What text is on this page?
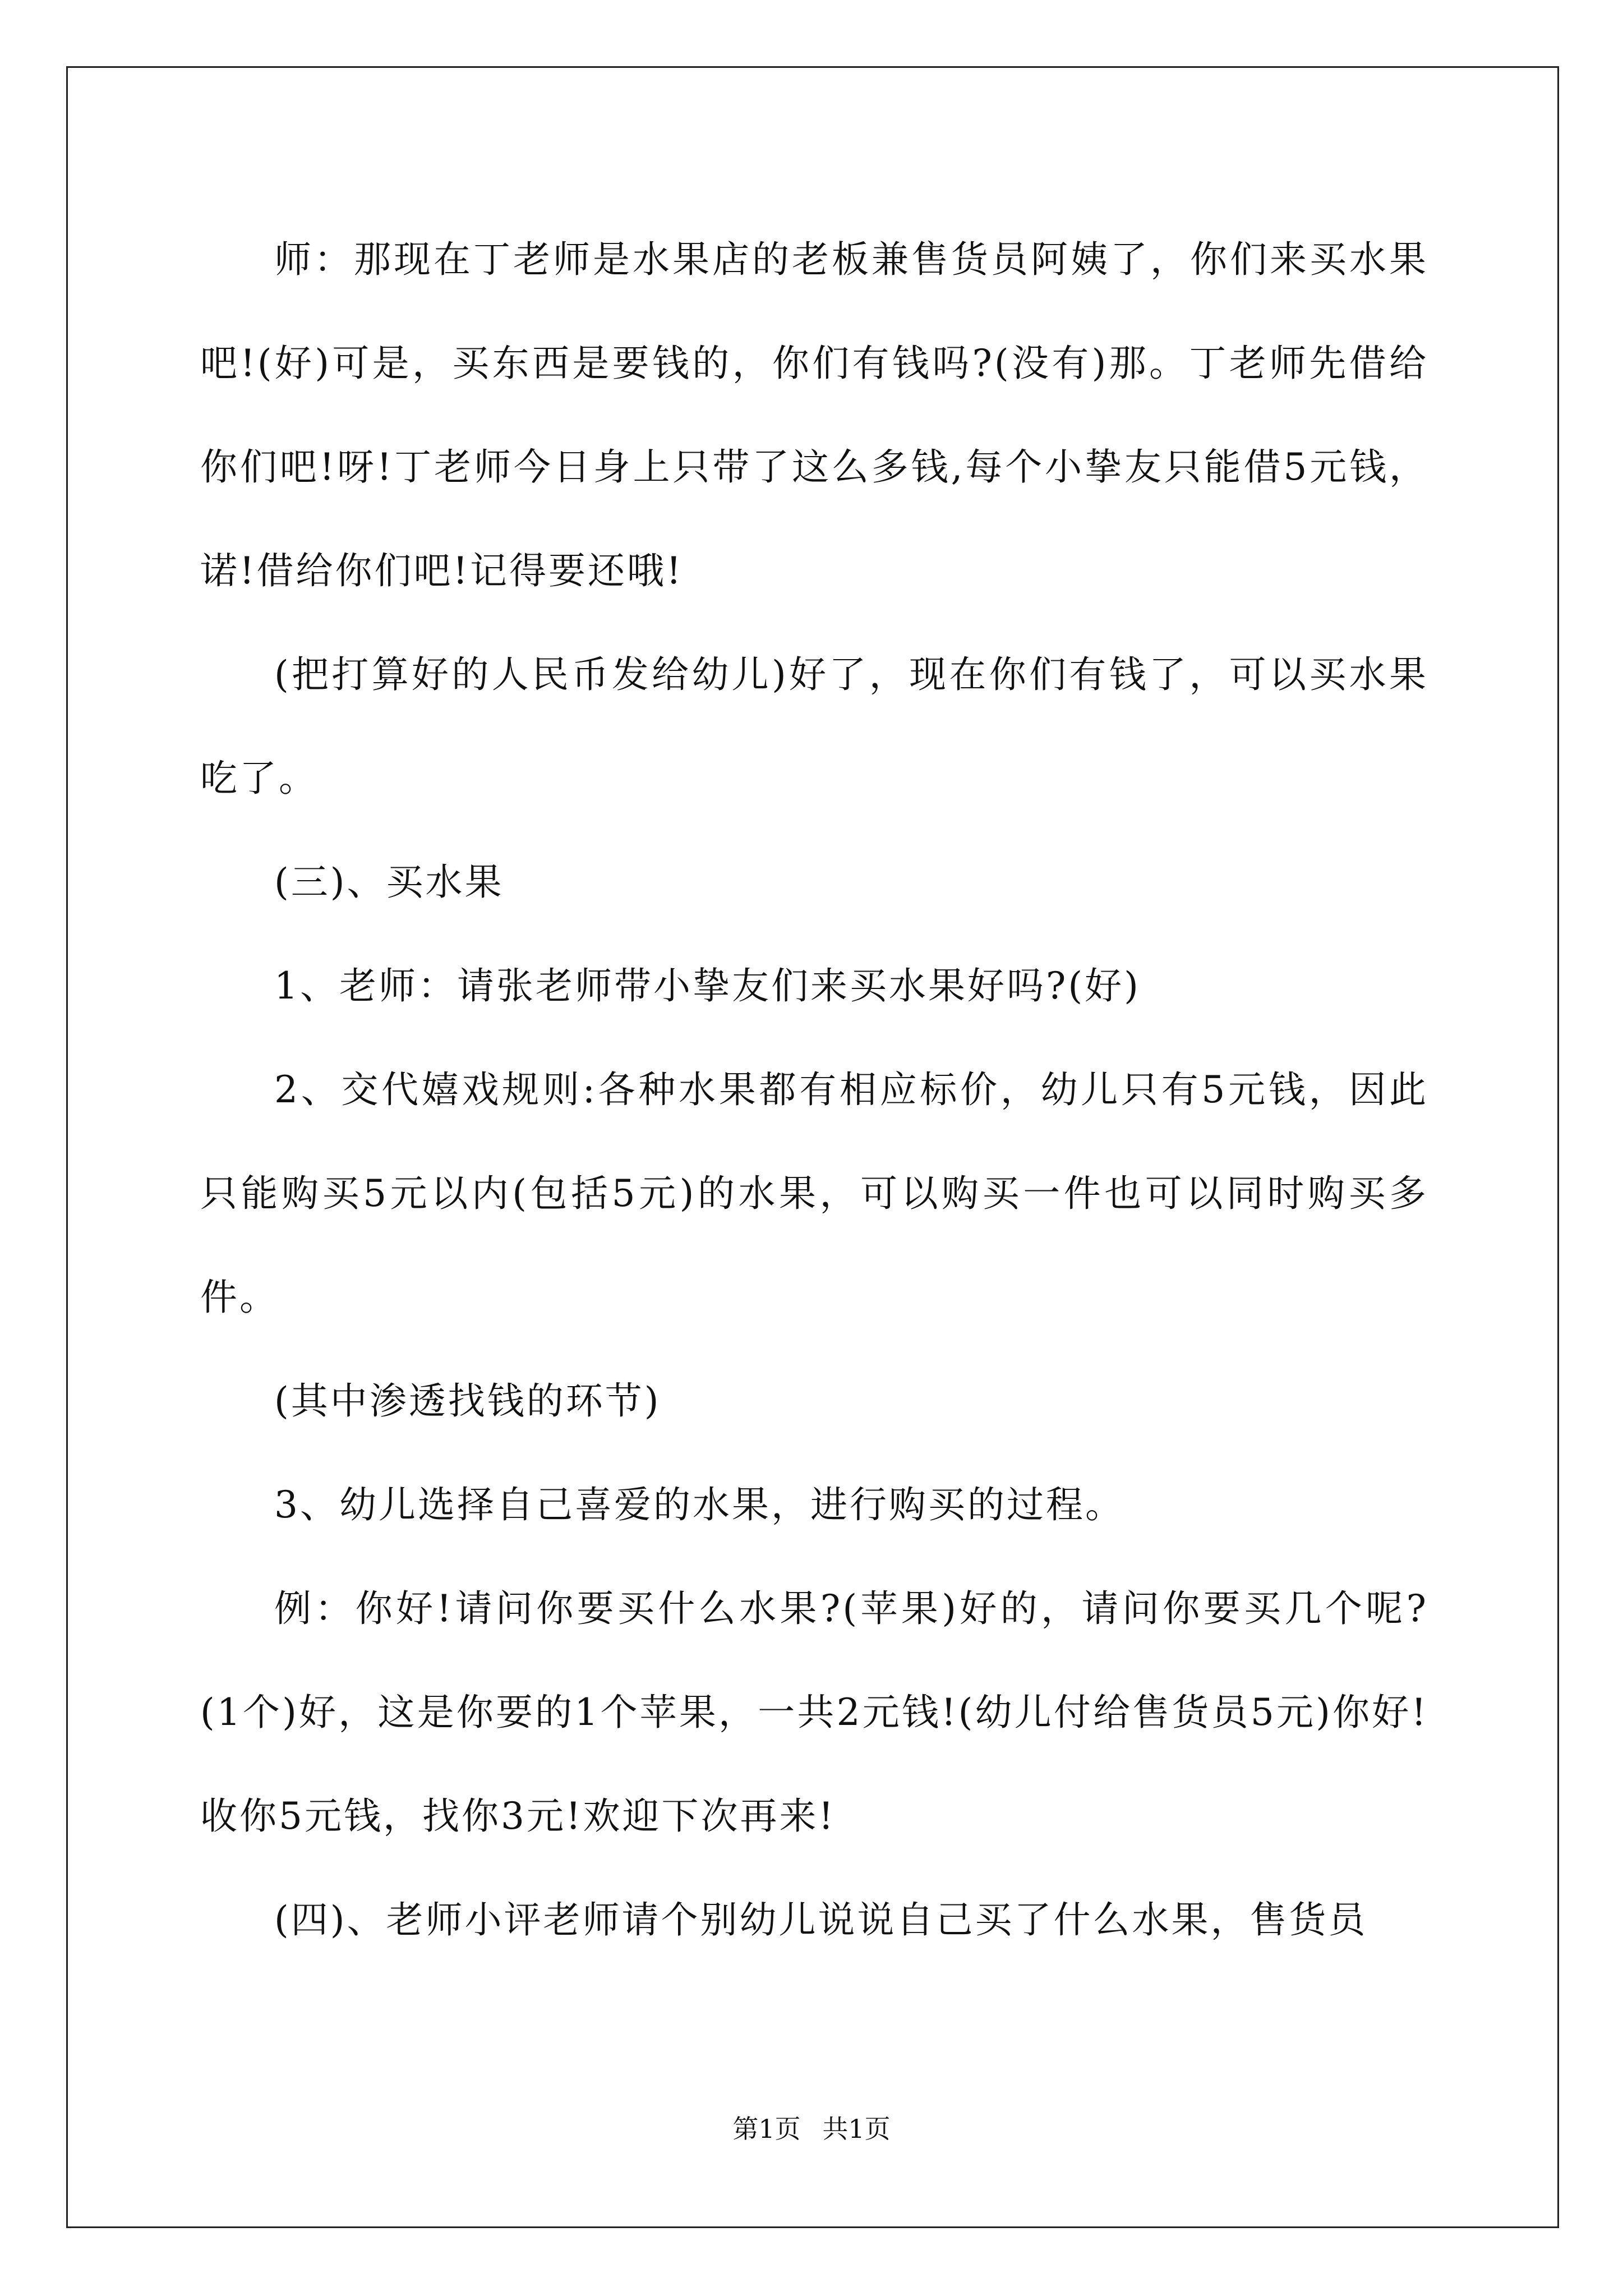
师：那现在丁老师是水果店的老板兼售货员阿姨了，你们来买水果吧!(好)可是，买东西是要钱的，你们有钱吗?(没有)那。丁老师先借给你们吧!呀!丁老师今日身上只带了这么多钱,每个小挚友只能借5元钱，诺!借给你们吧!记得要还哦!

(把打算好的人民币发给幼儿)好了，现在你们有钱了，可以买水果吃了。

(三)、买水果

1、老师：请张老师带小挚友们来买水果好吗?(好)

2、交代嬉戏规则:各种水果都有相应标价，幼儿只有5元钱，因此只能购买5元以内(包括5元)的水果，可以购买一件也可以同时购买多件。

(其中渗透找钱的环节)

3、幼儿选择自己喜爱的水果，进行购买的过程。

例：你好!请问你要买什么水果?(苹果)好的，请问你要买几个呢?(1个)好，这是你要的1个苹果，一共2元钱!(幼儿付给售货员5元)你好!收你5元钱，找你3元!欢迎下次再来!

(四)、老师小评老师请个别幼儿说说自己买了什么水果，售货员

第1页 共1页
